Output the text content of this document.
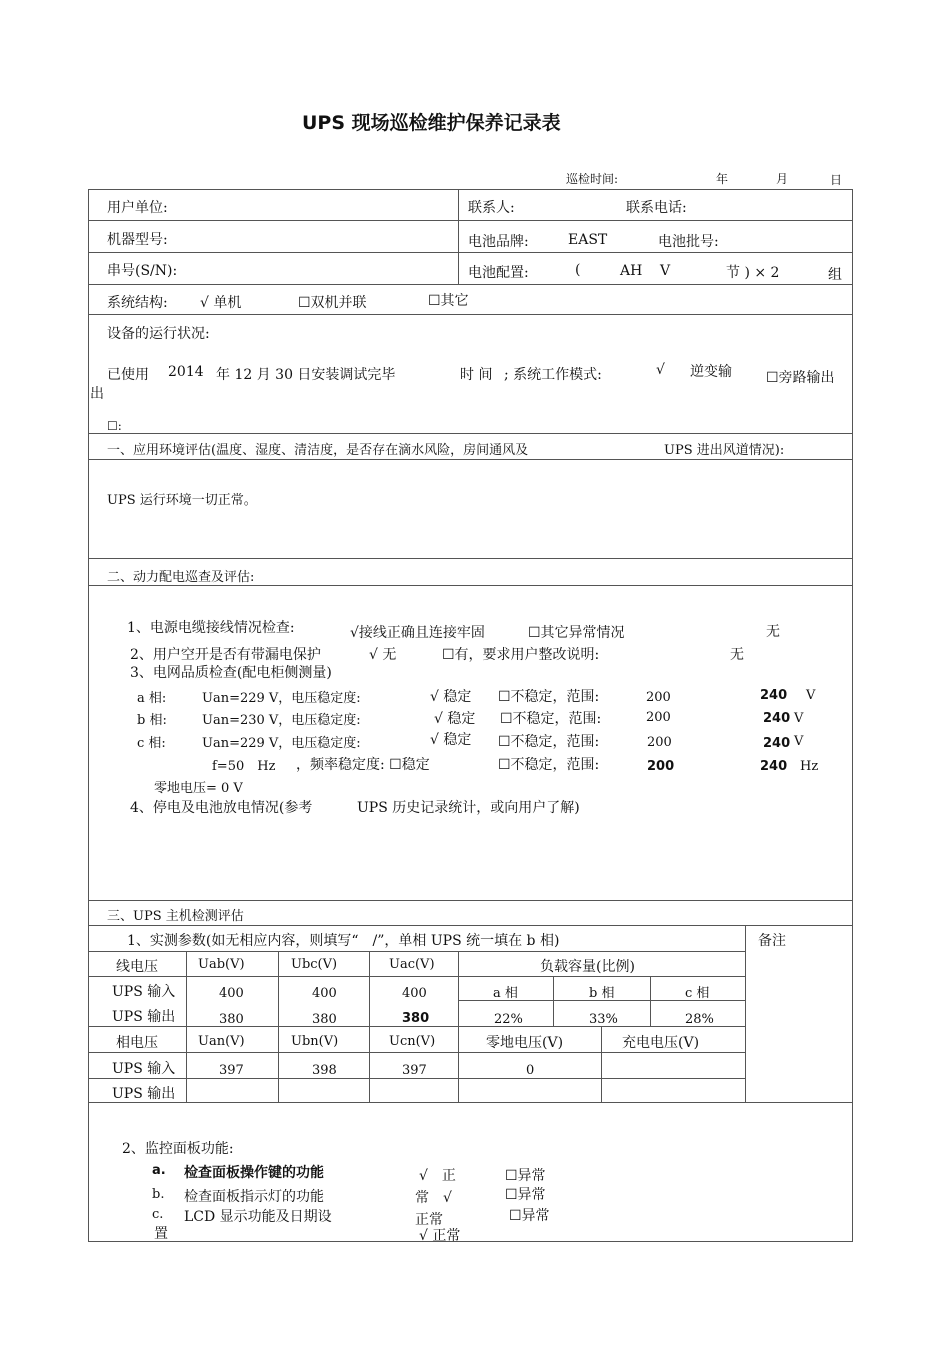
UPS 现场巡检维护保养记录表
巡检时间:	年	月	日
用户单位:	联系人:	联系电话:
机器型号:	电池品牌:	EAST	电池批号:
串号(S/N):	电池配置:	(	AH V	节 ) × 2	组
系统结构: √ 单机	☐双机并联	☐其它
设备的运行状况:
已使用 2014 年 12 月 30 日安装调试完毕	时 间 ; 系统工作模式:	√ 逆变输 ☐旁路输出
出
☐:
一、应用环境评估(温度、湿度、清洁度，是否存在滴水风险，房间通风及	UPS 进出风道情况):
UPS 运行环境一切正常。
二、动力配电巡查及评估:
1、电源电缆接线情况检查:	√接线正确且连接牢固	☐其它异常情况	无
2、用户空开是否有带漏电保护	√ 无	☐有，要求用户整改说明:	无
3、电网品质检查(配电柜侧测量)
a 相:	Uan=229 V，电压稳定度:	√ 稳定 ☐不稳定，范围:	200	240 V
b 相:	Uan=230 V，电压稳定度:	√ 稳定 ☐不稳定，范围:	200	240 V
c 相:	Uan=229 V，电压稳定度:	√ 稳定 ☐不稳定，范围:	200	240 V
f=50　Hz ，频率稳定度: ☐稳定	☐不稳定，范围:	200	240 Hz
零地电压= 0 V
4、停电及电池放电情况(参考	UPS 历史记录统计，或向用户了解)
三、UPS 主机检测评估
1、实测参数(如无相应内容，则填写“　/”，单相 UPS 统一填在 b 相)	备注
线电压	Uab(V)	Ubc(V)	Uac(V)	负载容量(比例)
a 相	b 相	c 相
UPS 输入	400	400	400
UPS 输出	380	380	380	22%	33%	28%
相电压	Uan(V)	Ubn(V)	Ucn(V)	零地电压(V)	充电电压(V)
UPS 输入	397	398	397	0
UPS 输出
2、监控面板功能:
a. 检查面板操作键的功能	√　正	☐异常
b. 检查面板指示灯的功能	常　√	☐异常
c. LCD 显示功能及日期设	正常	☐异常
置	√ 正常
